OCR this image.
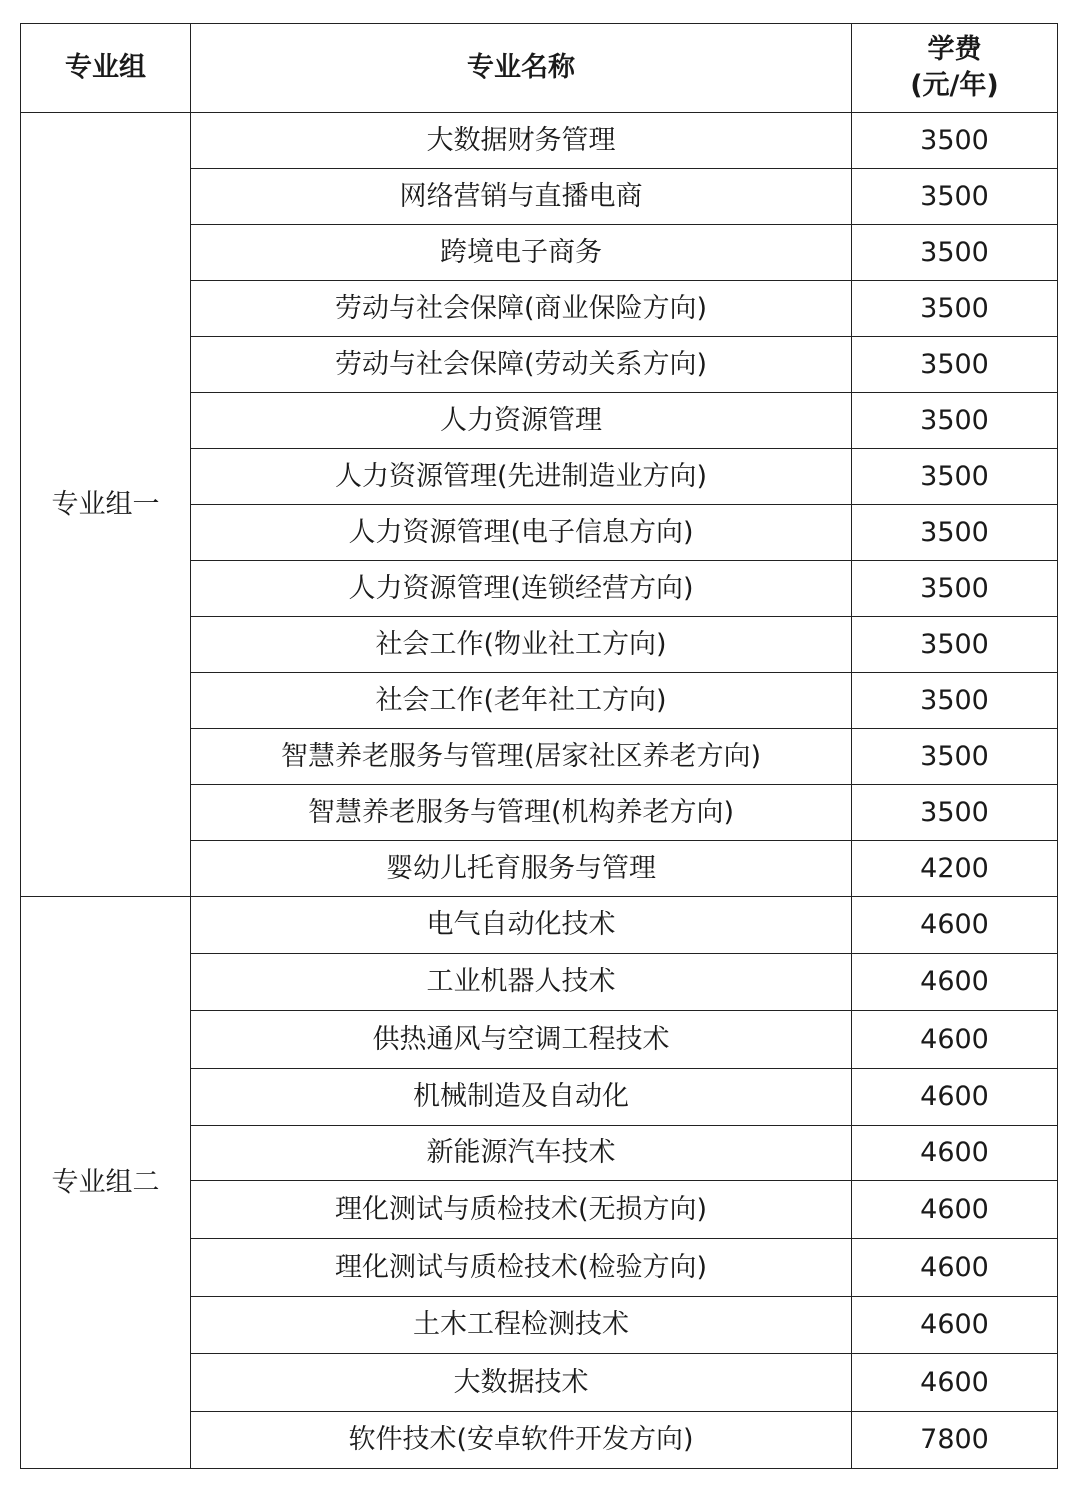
专业组	专业名称	学费
(元/年)

专业组一	大数据财务管理	3500
	网络营销与直播电商	3500
	跨境电子商务	3500
	劳动与社会保障(商业保险方向)	3500
	劳动与社会保障(劳动关系方向)	3500
	人力资源管理	3500
	人力资源管理(先进制造业方向)	3500
	人力资源管理(电子信息方向)	3500
	人力资源管理(连锁经营方向)	3500
	社会工作(物业社工方向)	3500
	社会工作(老年社工方向)	3500
	智慧养老服务与管理(居家社区养老方向)	3500
	智慧养老服务与管理(机构养老方向)	3500
	婴幼儿托育服务与管理	4200
专业组二	电气自动化技术	4600
	工业机器人技术	4600
	供热通风与空调工程技术	4600
	机械制造及自动化	4600
	新能源汽车技术	4600
	理化测试与质检技术(无损方向)	4600
	理化测试与质检技术(检验方向)	4600
	土木工程检测技术	4600
	大数据技术	4600
	软件技术(安卓软件开发方向)	7800
